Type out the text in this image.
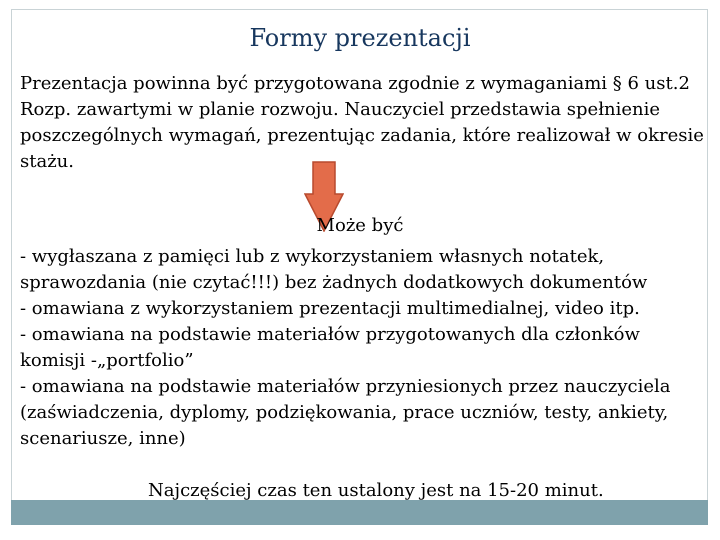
Formy prezentacji

Prezentacja powinna być przygotowana zgodnie z wymaganiami § 6 ust.2 Rozp. zawartymi w planie rozwoju. Nauczyciel przedstawia spełnienie poszczególnych wymagań, prezentując zadania, które realizował w okresie stażu.

Może być

- wygłaszana z pamięci lub z wykorzystaniem własnych notatek, sprawozdania (nie czytać!!!) bez żadnych dodatkowych dokumentów

- omawiana z wykorzystaniem prezentacji multimedialnej, video itp.

- omawiana na podstawie materiałów przygotowanych dla członków komisji -„portfolio”

- omawiana na podstawie materiałów przyniesionych przez nauczyciela (zaświadczenia, dyplomy, podziękowania, prace uczniów, testy, ankiety, scenariusze, inne)

Najczęściej czas ten ustalony jest na 15-20 minut.
